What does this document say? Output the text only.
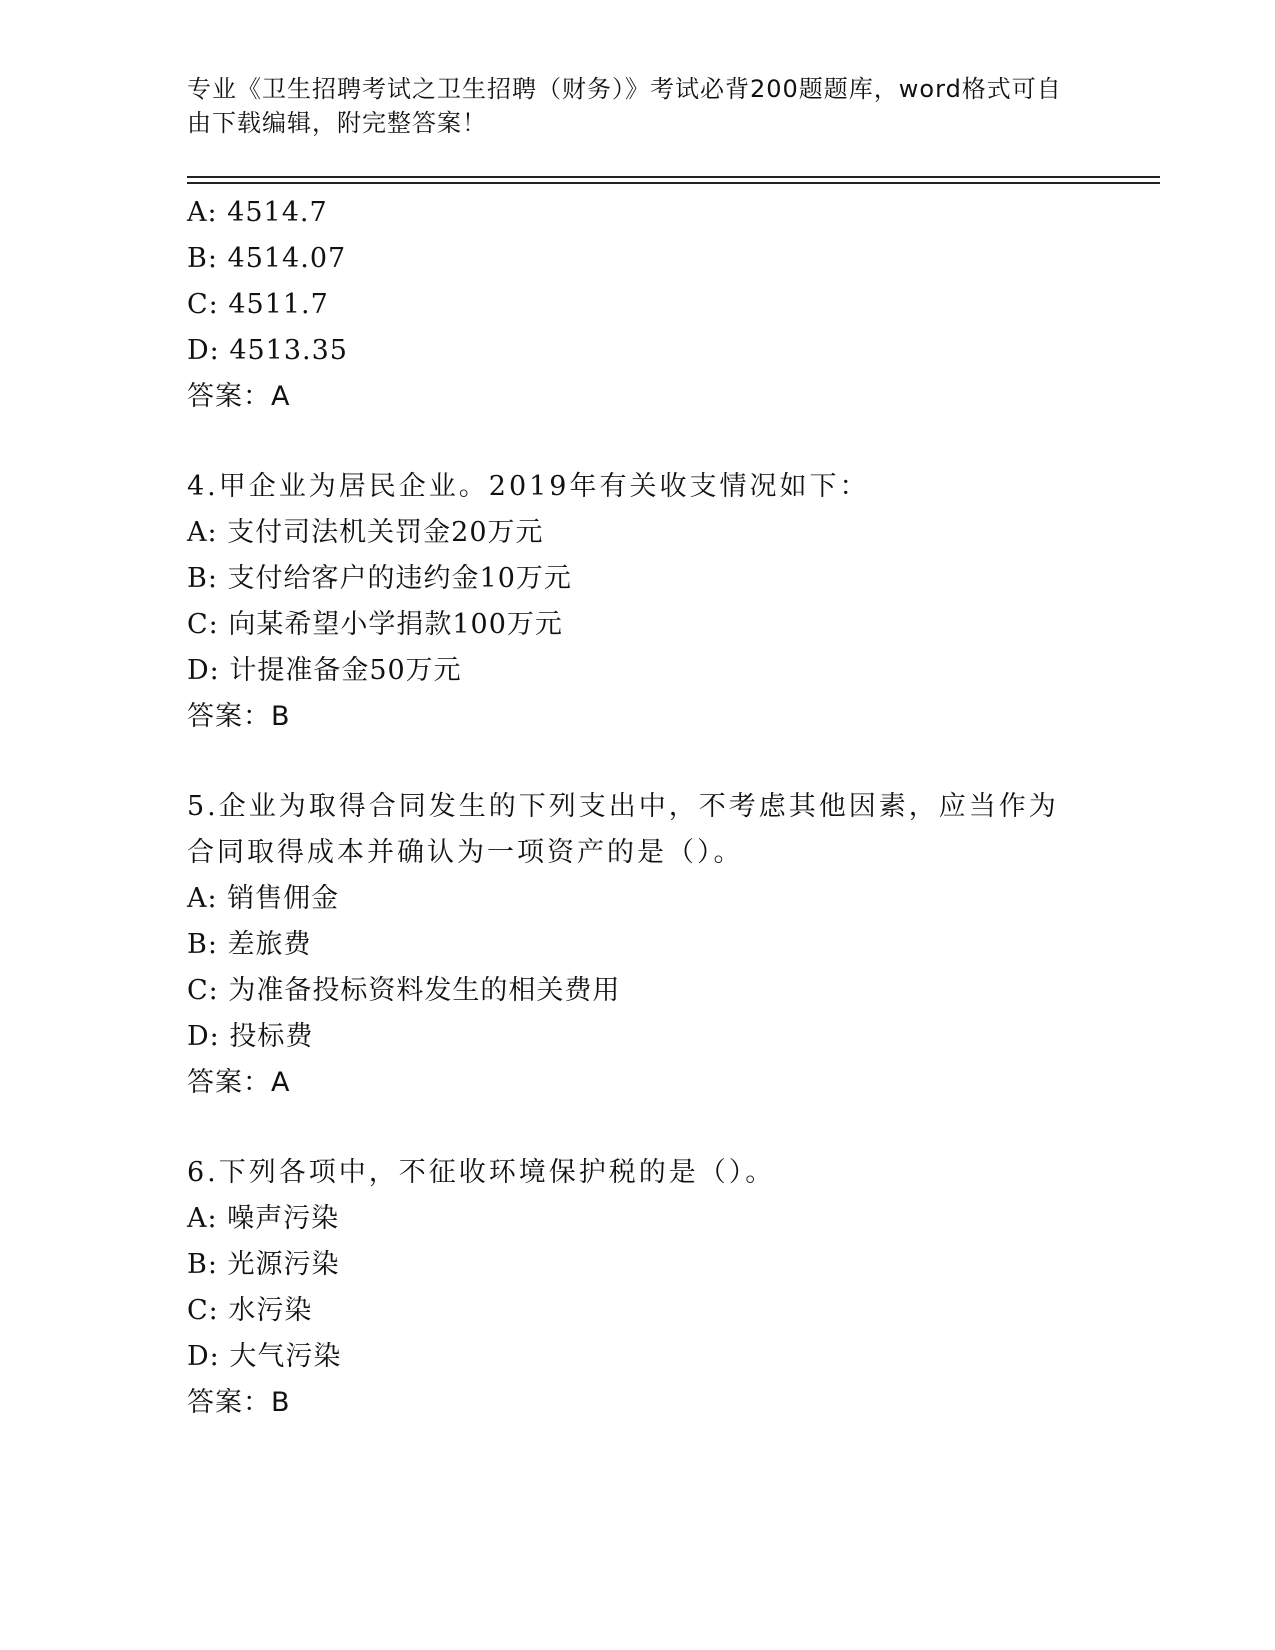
专业《卫生招聘考试之卫生招聘（财务）》考试必背200题题库，word格式可自由下载编辑，附完整答案！
A: 4514.7
B: 4514.07
C: 4511.7
D: 4513.35
答案：A
4.甲企业为居民企业。2019年有关收支情况如下：
A: 支付司法机关罚金20万元
B: 支付给客户的违约金10万元
C: 向某希望小学捐款100万元
D: 计提准备金50万元
答案：B
5.企业为取得合同发生的下列支出中，不考虑其他因素，应当作为合同取得成本并确认为一项资产的是（）。
A: 销售佣金
B: 差旅费
C: 为准备投标资料发生的相关费用
D: 投标费
答案：A
6.下列各项中，不征收环境保护税的是（）。
A: 噪声污染
B: 光源污染
C: 水污染
D: 大气污染
答案：B
